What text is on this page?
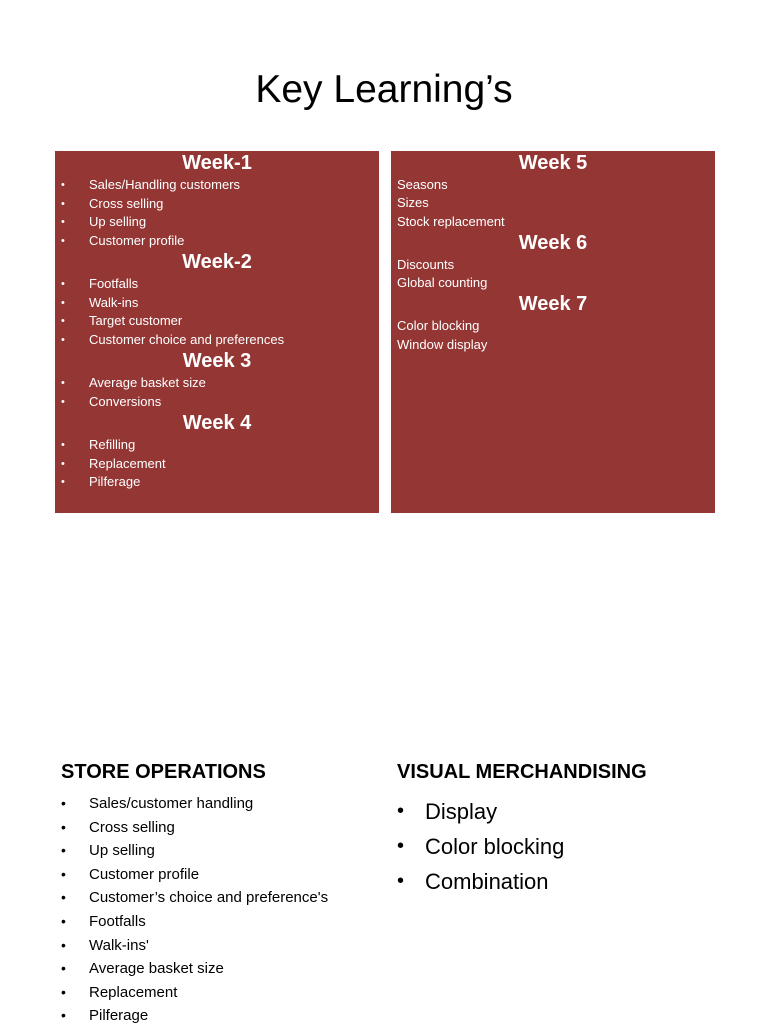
Key Learning’s
Week-1
• Sales/Handling customers
• Cross selling
• Up selling
• Customer profile
Week-2
• Footfalls
• Walk-ins
• Target customer
• Customer choice and preferences
Week 3
• Average basket size
• Conversions
Week 4
• Refilling
• Replacement
• Pilferage
Week 5
Seasons
Sizes
Stock replacement
Week 6
Discounts
Global counting
Week 7
Color blocking
Window display
STORE OPERATIONS
• Sales/customer handling
• Cross selling
• Up selling
• Customer profile
• Customer’s choice and preference's
• Footfalls
• Walk-ins'
• Average basket size
• Replacement
• Pilferage
VISUAL MERCHANDISING
• Display
• Color blocking
• Combination
